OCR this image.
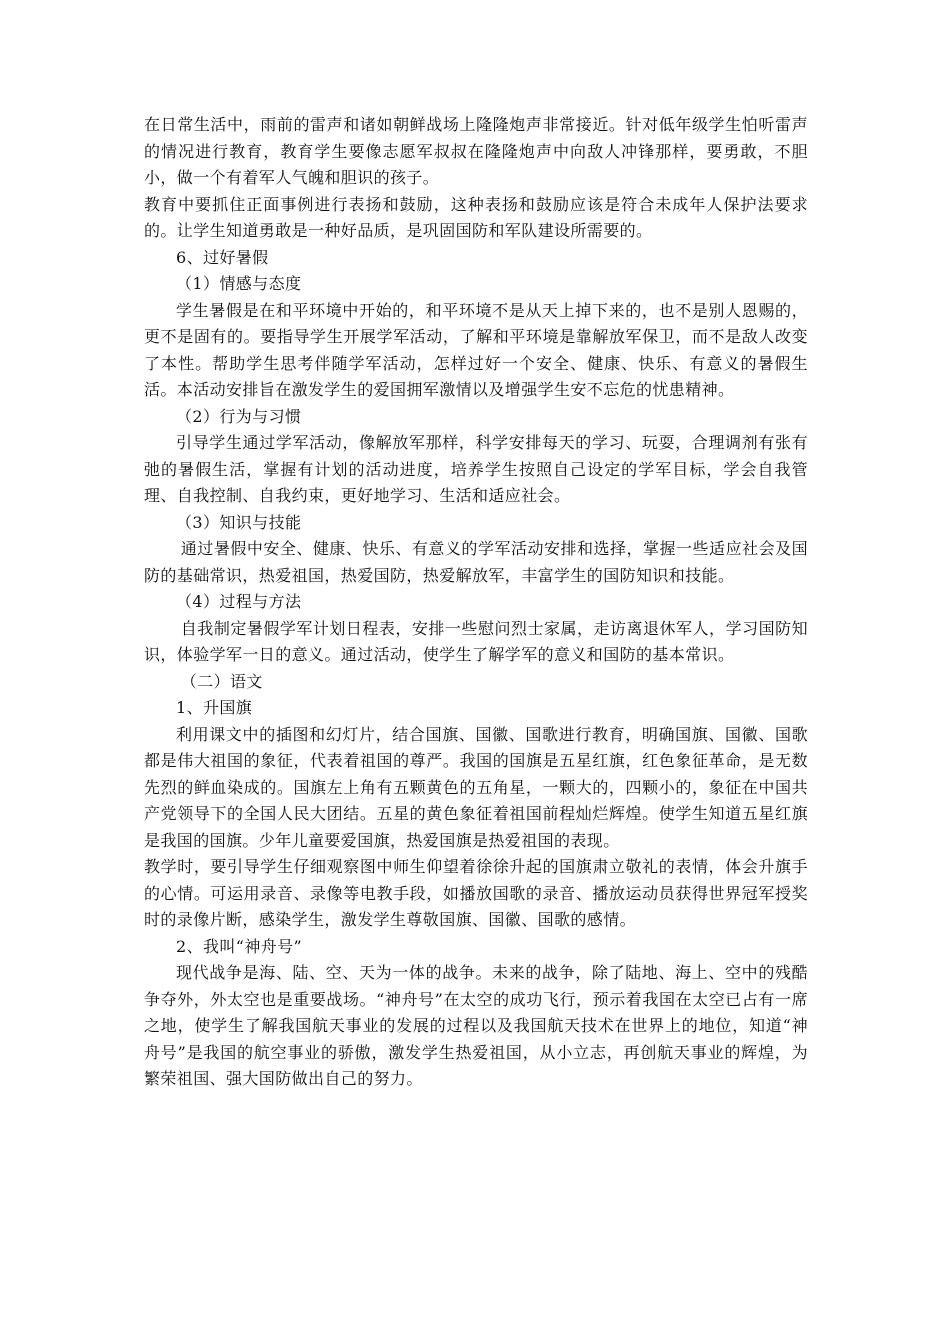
在日常生活中，雨前的雷声和诸如朝鲜战场上隆隆炮声非常接近。针对低年级学生怕听雷声的情况进行教育，教育学生要像志愿军叔叔在隆隆炮声中向敌人冲锋那样，要勇敢，不胆小，做一个有着军人气魄和胆识的孩子。

教育中要抓住正面事例进行表扬和鼓励，这种表扬和鼓励应该是符合未成年人保护法要求的。让学生知道勇敢是一种好品质，是巩固国防和军队建设所需要的。

6、过好暑假

（1）情感与态度

学生暑假是在和平环境中开始的，和平环境不是从天上掉下来的，也不是别人恩赐的，更不是固有的。要指导学生开展学军活动，了解和平环境是靠解放军保卫，而不是敌人改变了本性。帮助学生思考伴随学军活动，怎样过好一个安全、健康、快乐、有意义的暑假生活。本活动安排旨在激发学生的爱国拥军激情以及增强学生安不忘危的忧患精神。

（2）行为与习惯

引导学生通过学军活动，像解放军那样，科学安排每天的学习、玩耍，合理调剂有张有弛的暑假生活，掌握有计划的活动进度，培养学生按照自己设定的学军目标，学会自我管理、自我控制、自我约束，更好地学习、生活和适应社会。

（3）知识与技能

通过暑假中安全、健康、快乐、有意义的学军活动安排和选择，掌握一些适应社会及国防的基础常识，热爱祖国，热爱国防，热爱解放军，丰富学生的国防知识和技能。

（4）过程与方法

自我制定暑假学军计划日程表，安排一些慰问烈士家属，走访离退休军人，学习国防知识，体验学军一日的意义。通过活动，使学生了解学军的意义和国防的基本常识。

（二）语文

1、升国旗

利用课文中的插图和幻灯片，结合国旗、国徽、国歌进行教育，明确国旗、国徽、国歌都是伟大祖国的象征，代表着祖国的尊严。我国的国旗是五星红旗，红色象征革命，是无数先烈的鲜血染成的。国旗左上角有五颗黄色的五角星，一颗大的，四颗小的，象征在中国共产党领导下的全国人民大团结。五星的黄色象征着祖国前程灿烂辉煌。使学生知道五星红旗是我国的国旗。少年儿童要爱国旗，热爱国旗是热爱祖国的表现。

教学时，要引导学生仔细观察图中师生仰望着徐徐升起的国旗肃立敬礼的表情，体会升旗手的心情。可运用录音、录像等电教手段，如播放国歌的录音、播放运动员获得世界冠军授奖时的录像片断，感染学生，激发学生尊敬国旗、国徽、国歌的感情。

2、我叫“神舟号”

现代战争是海、陆、空、天为一体的战争。未来的战争，除了陆地、海上、空中的残酷争夺外，外太空也是重要战场。“神舟号”在太空的成功飞行，预示着我国在太空已占有一席之地，使学生了解我国航天事业的发展的过程以及我国航天技术在世界上的地位，知道“神舟号”是我国的航空事业的骄傲，激发学生热爱祖国，从小立志，再创航天事业的辉煌，为繁荣祖国、强大国防做出自己的努力。
